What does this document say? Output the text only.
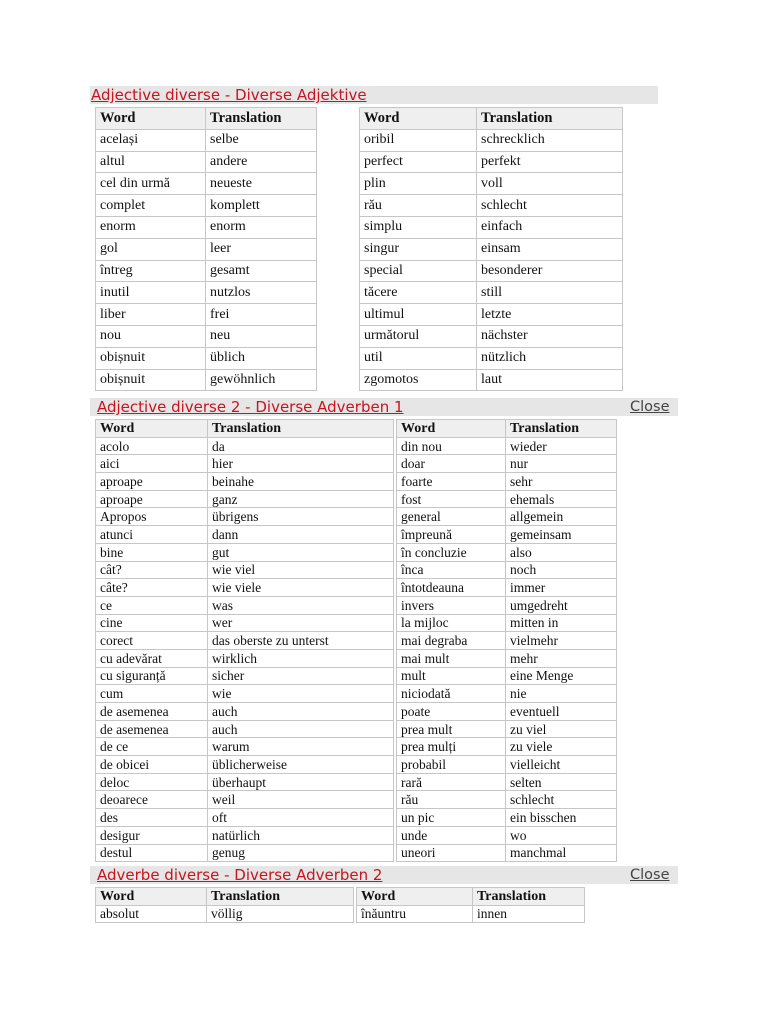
Adjective diverse - Diverse Adjektive
Word	Translation
același	selbe
altul	andere
cel din urmă	neueste
complet	komplett
enorm	enorm
gol	leer
întreg	gesamt
inutil	nutzlos
liber	frei
nou	neu
obișnuit	üblich
obișnuit	gewöhnlich
Word	Translation
oribil	schrecklich
perfect	perfekt
plin	voll
rău	schlecht
simplu	einfach
singur	einsam
special	besonderer
tăcere	still
ultimul	letzte
următorul	nächster
util	nützlich
zgomotos	laut
Adjective diverse 2 - Diverse Adverben 1	Close
Word	Translation
acolo	da
aici	hier
aproape	beinahe
aproape	ganz
Apropos	übrigens
atunci	dann
bine	gut
cât?	wie viel
câte?	wie viele
ce	was
cine	wer
corect	das oberste zu unterst
cu adevărat	wirklich
cu siguranță	sicher
cum	wie
de asemenea	auch
de asemenea	auch
de ce	warum
de obicei	üblicherweise
deloc	überhaupt
deoarece	weil
des	oft
desigur	natürlich
destul	genug
Word	Translation
din nou	wieder
doar	nur
foarte	sehr
fost	ehemals
general	allgemein
împreună	gemeinsam
în concluzie	also
înca	noch
întotdeauna	immer
invers	umgedreht
la mijloc	mitten in
mai degraba	vielmehr
mai mult	mehr
mult	eine Menge
niciodată	nie
poate	eventuell
prea mult	zu viel
prea mulți	zu viele
probabil	vielleicht
rară	selten
rău	schlecht
un pic	ein bisschen
unde	wo
uneori	manchmal
Adverbe diverse - Diverse Adverben 2	Close
Word	Translation
absolut	völlig
Word	Translation
înăuntru	innen
